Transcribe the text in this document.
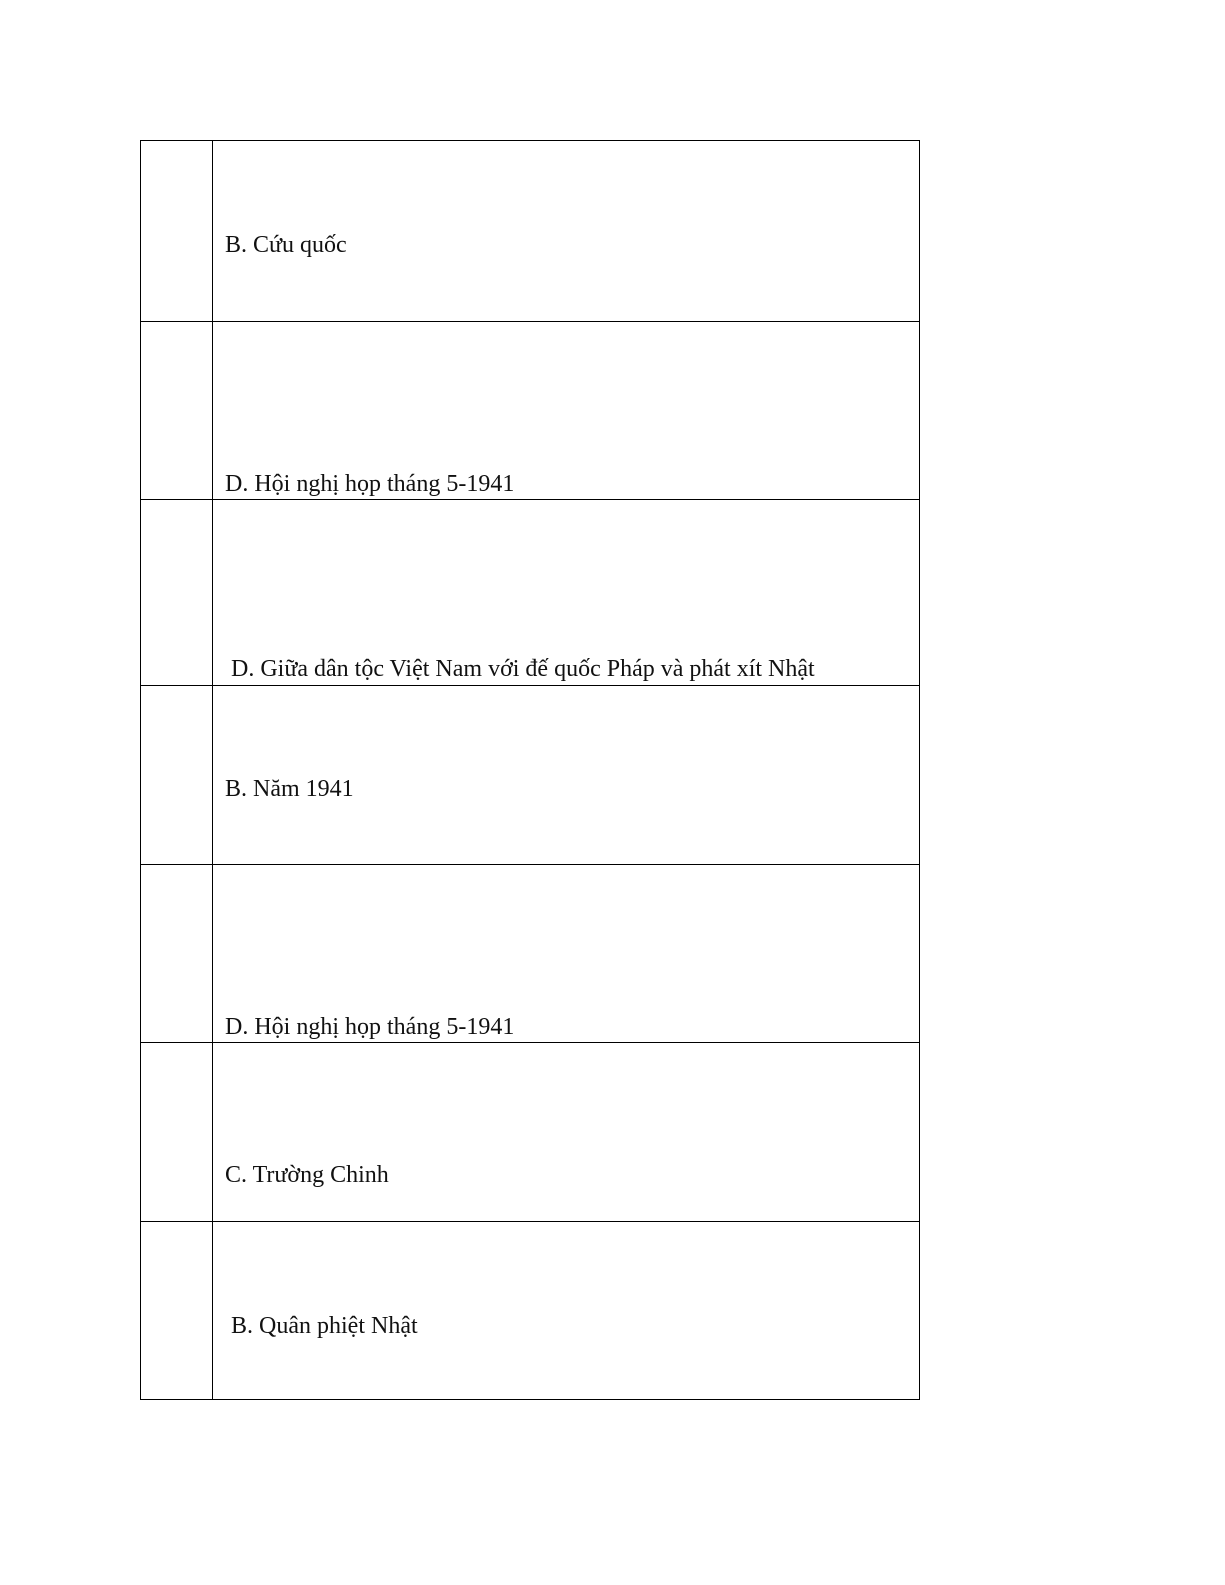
B. Cứu quốc
D. Hội nghị họp tháng 5-1941
D. Giữa dân tộc Việt Nam với đế quốc Pháp và phát xít Nhật
B. Năm 1941
D. Hội nghị họp tháng 5-1941
C. Trường Chinh
B. Quân phiệt Nhật
